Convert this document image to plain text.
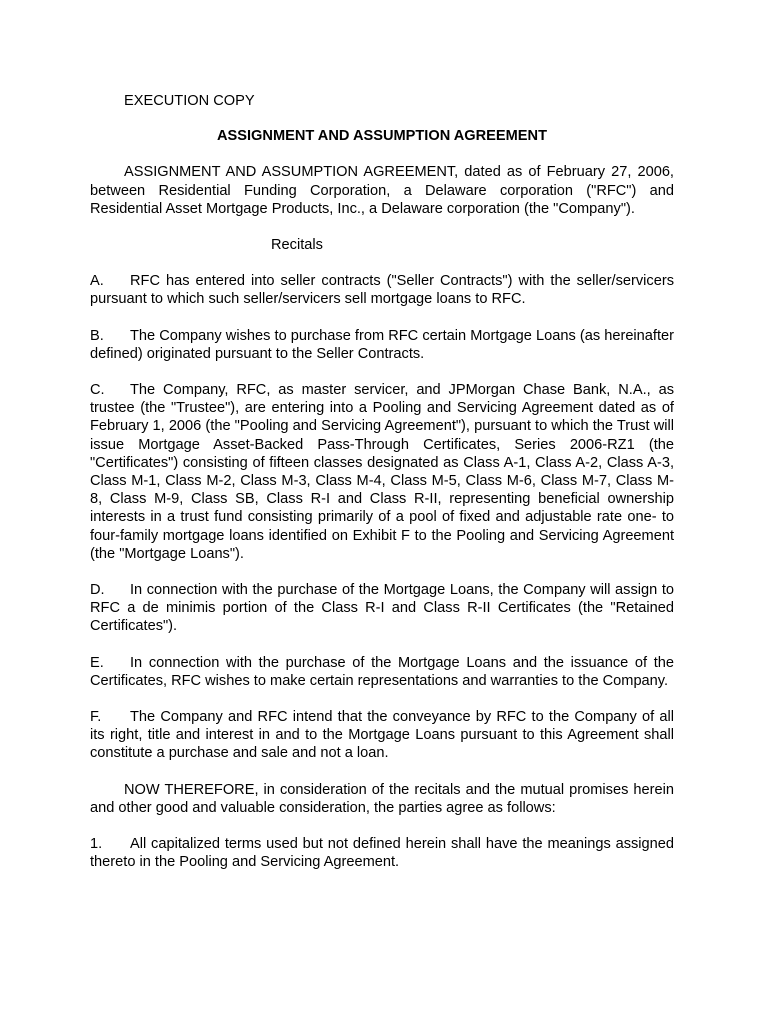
EXECUTION COPY

ASSIGNMENT AND ASSUMPTION AGREEMENT

ASSIGNMENT AND ASSUMPTION AGREEMENT, dated as of February 27, 2006, between Residential Funding Corporation, a Delaware corporation ("RFC") and Residential Asset Mortgage Products, Inc., a Delaware corporation (the "Company").

Recitals

A. RFC has entered into seller contracts ("Seller Contracts") with the seller/servicers pursuant to which such seller/servicers sell mortgage loans to RFC.

B. The Company wishes to purchase from RFC certain Mortgage Loans (as hereinafter defined) originated pursuant to the Seller Contracts.

C. The Company, RFC, as master servicer, and JPMorgan Chase Bank, N.A., as trustee (the "Trustee"), are entering into a Pooling and Servicing Agreement dated as of February 1, 2006 (the "Pooling and Servicing Agreement"), pursuant to which the Trust will issue Mortgage Asset-Backed Pass-Through Certificates, Series 2006-RZ1 (the "Certificates") consisting of fifteen classes designated as Class A-1, Class A-2, Class A-3, Class M-1, Class M-2, Class M-3, Class M-4, Class M-5, Class M-6, Class M-7, Class M-8, Class M-9, Class SB, Class R-I and Class R-II, representing beneficial ownership interests in a trust fund consisting primarily of a pool of fixed and adjustable rate one- to four-family mortgage loans identified on Exhibit F to the Pooling and Servicing Agreement (the "Mortgage Loans").

D. In connection with the purchase of the Mortgage Loans, the Company will assign to RFC a de minimis portion of the Class R-I and Class R-II Certificates (the "Retained Certificates").

E. In connection with the purchase of the Mortgage Loans and the issuance of the Certificates, RFC wishes to make certain representations and warranties to the Company.

F. The Company and RFC intend that the conveyance by RFC to the Company of all its right, title and interest in and to the Mortgage Loans pursuant to this Agreement shall constitute a purchase and sale and not a loan.

NOW THEREFORE, in consideration of the recitals and the mutual promises herein and other good and valuable consideration, the parties agree as follows:

1. All capitalized terms used but not defined herein shall have the meanings assigned thereto in the Pooling and Servicing Agreement.
